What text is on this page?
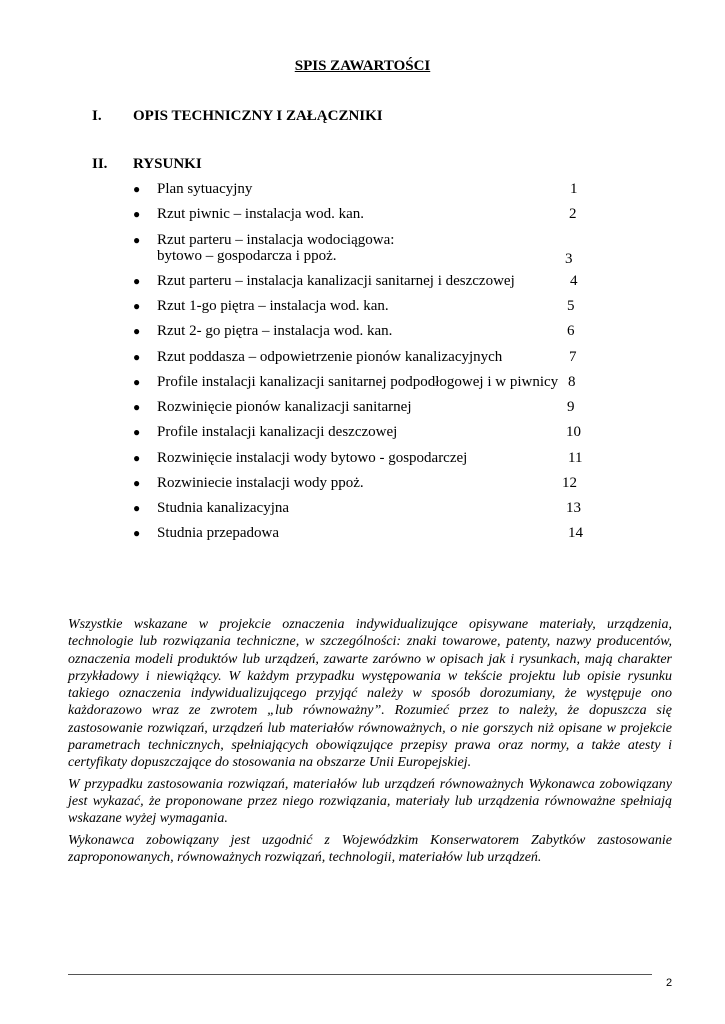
SPIS ZAWARTOŚCI
I. OPIS TECHNICZNY I ZAŁĄCZNIKI
II. RYSUNKI
● Plan sytuacyjny	1
● Rzut piwnic – instalacja wod. kan.	2
● Rzut parteru – instalacja wodociągowa:
bytowo – gospodarcza i ppoż.	3
● Rzut parteru – instalacja kanalizacji sanitarnej i deszczowej	4
● Rzut 1-go piętra – instalacja wod. kan.	5
● Rzut 2- go piętra – instalacja wod. kan.	6
● Rzut poddasza – odpowietrzenie pionów kanalizacyjnych	7
● Profile instalacji kanalizacji sanitarnej podpodłogowej i w piwnicy 8
● Rozwinięcie pionów kanalizacji sanitarnej	9
● Profile instalacji kanalizacji deszczowej	10
● Rozwinięcie instalacji wody bytowo - gospodarczej	11
● Rozwiniecie instalacji wody ppoż.	12
● Studnia kanalizacyjna	13
● Studnia przepadowa	14

Wszystkie wskazane w projekcie oznaczenia indywidualizujące opisywane materiały, urządzenia, technologie lub rozwiązania techniczne, w szczególności: znaki towarowe, patenty, nazwy producentów, oznaczenia modeli produktów lub urządzeń, zawarte zarówno w opisach jak i rysunkach, mają charakter przykładowy i niewiążący. W każdym przypadku występowania w tekście projektu lub opisie rysunku takiego oznaczenia indywidualizującego przyjąć należy w sposób dorozumiany, że występuje ono każdorazowo wraz ze zwrotem „lub równoważny”. Rozumieć przez to należy, że dopuszcza się zastosowanie rozwiązań, urządzeń lub materiałów równoważnych, o nie gorszych niż opisane w projekcie parametrach technicznych, spełniających obowiązujące przepisy prawa oraz normy, a także atesty i certyfikaty dopuszczające do stosowania na obszarze Unii Europejskiej.

W przypadku zastosowania rozwiązań, materiałów lub urządzeń równoważnych Wykonawca zobowiązany jest wykazać, że proponowane przez niego rozwiązania, materiały lub urządzenia równoważne spełniają wskazane wyżej wymagania.

Wykonawca zobowiązany jest uzgodnić z Wojewódzkim Konserwatorem Zabytków zastosowanie zaproponowanych, równoważnych rozwiązań, technologii, materiałów lub urządzeń.

2
